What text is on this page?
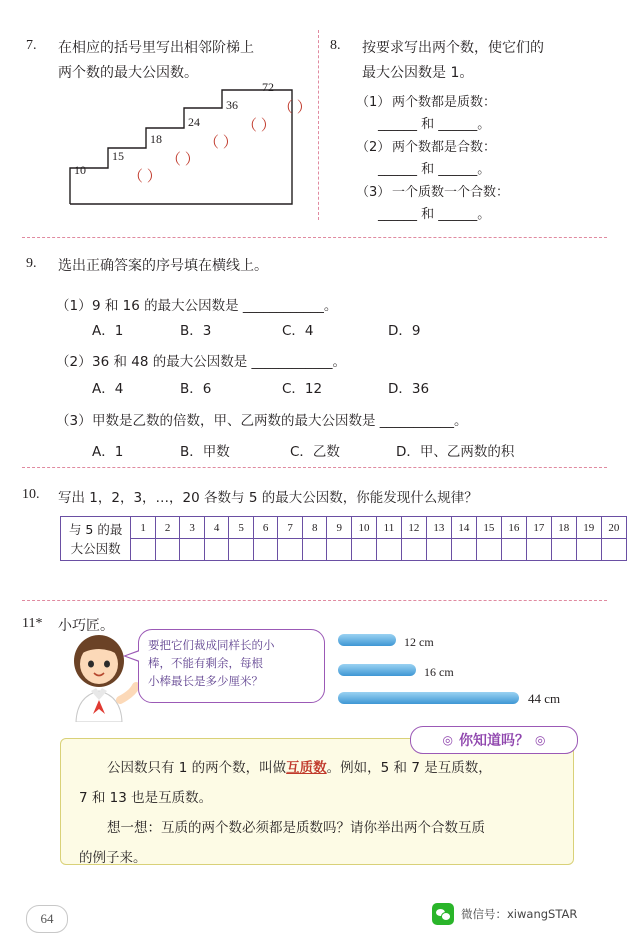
7. 在相应的括号里写出相邻阶梯上
两个数的最大公因数。
10
15
18
24
36
72
（ ）
（ ）
（ ）
（ ）
（ ）
8. 按要求写出两个数，使它们的
最大公因数是 1。
（1） 两个数都是质数：
______ 和 ______。
（2） 两个数都是合数：
______ 和 ______。
（3） 一个质数一个合数：
______ 和 ______。
9. 选出正确答案的序号填在横线上。
（1） 9 和 16 的最大公因数是 ____________。
A．1	B．3	C．4	D．9
（2） 36 和 48 的最大公因数是 ____________。
A．4	B．6	C．12	D．36
（3） 甲数是乙数的倍数，甲、乙两数的最大公因数是 ___________。
A．1	B．甲数	C．乙数	D．甲、乙两数的积
10. 写出 1，2，3，…，20 各数与 5 的最大公因数，你能发现什么规律？
与 5 的最
大公因数	1	2	3	4	5	6	7	8	9	10	11	12	13	14	15	16	17	18	19	20

11* 小巧匠。
要把它们裁成同样长的小
棒，不能有剩余，每根
小棒最长是多少厘米？
12 cm
16 cm
44 cm
公因数只有 1 的两个数，叫做互质数。例如，5 和 7 是互质数，
7 和 13 也是互质数。
想一想：互质的两个数必须都是质数吗？请你举出两个合数互质
的例子来。
◎ 你知道吗？ ◎
64	微信号：xiwangSTAR
